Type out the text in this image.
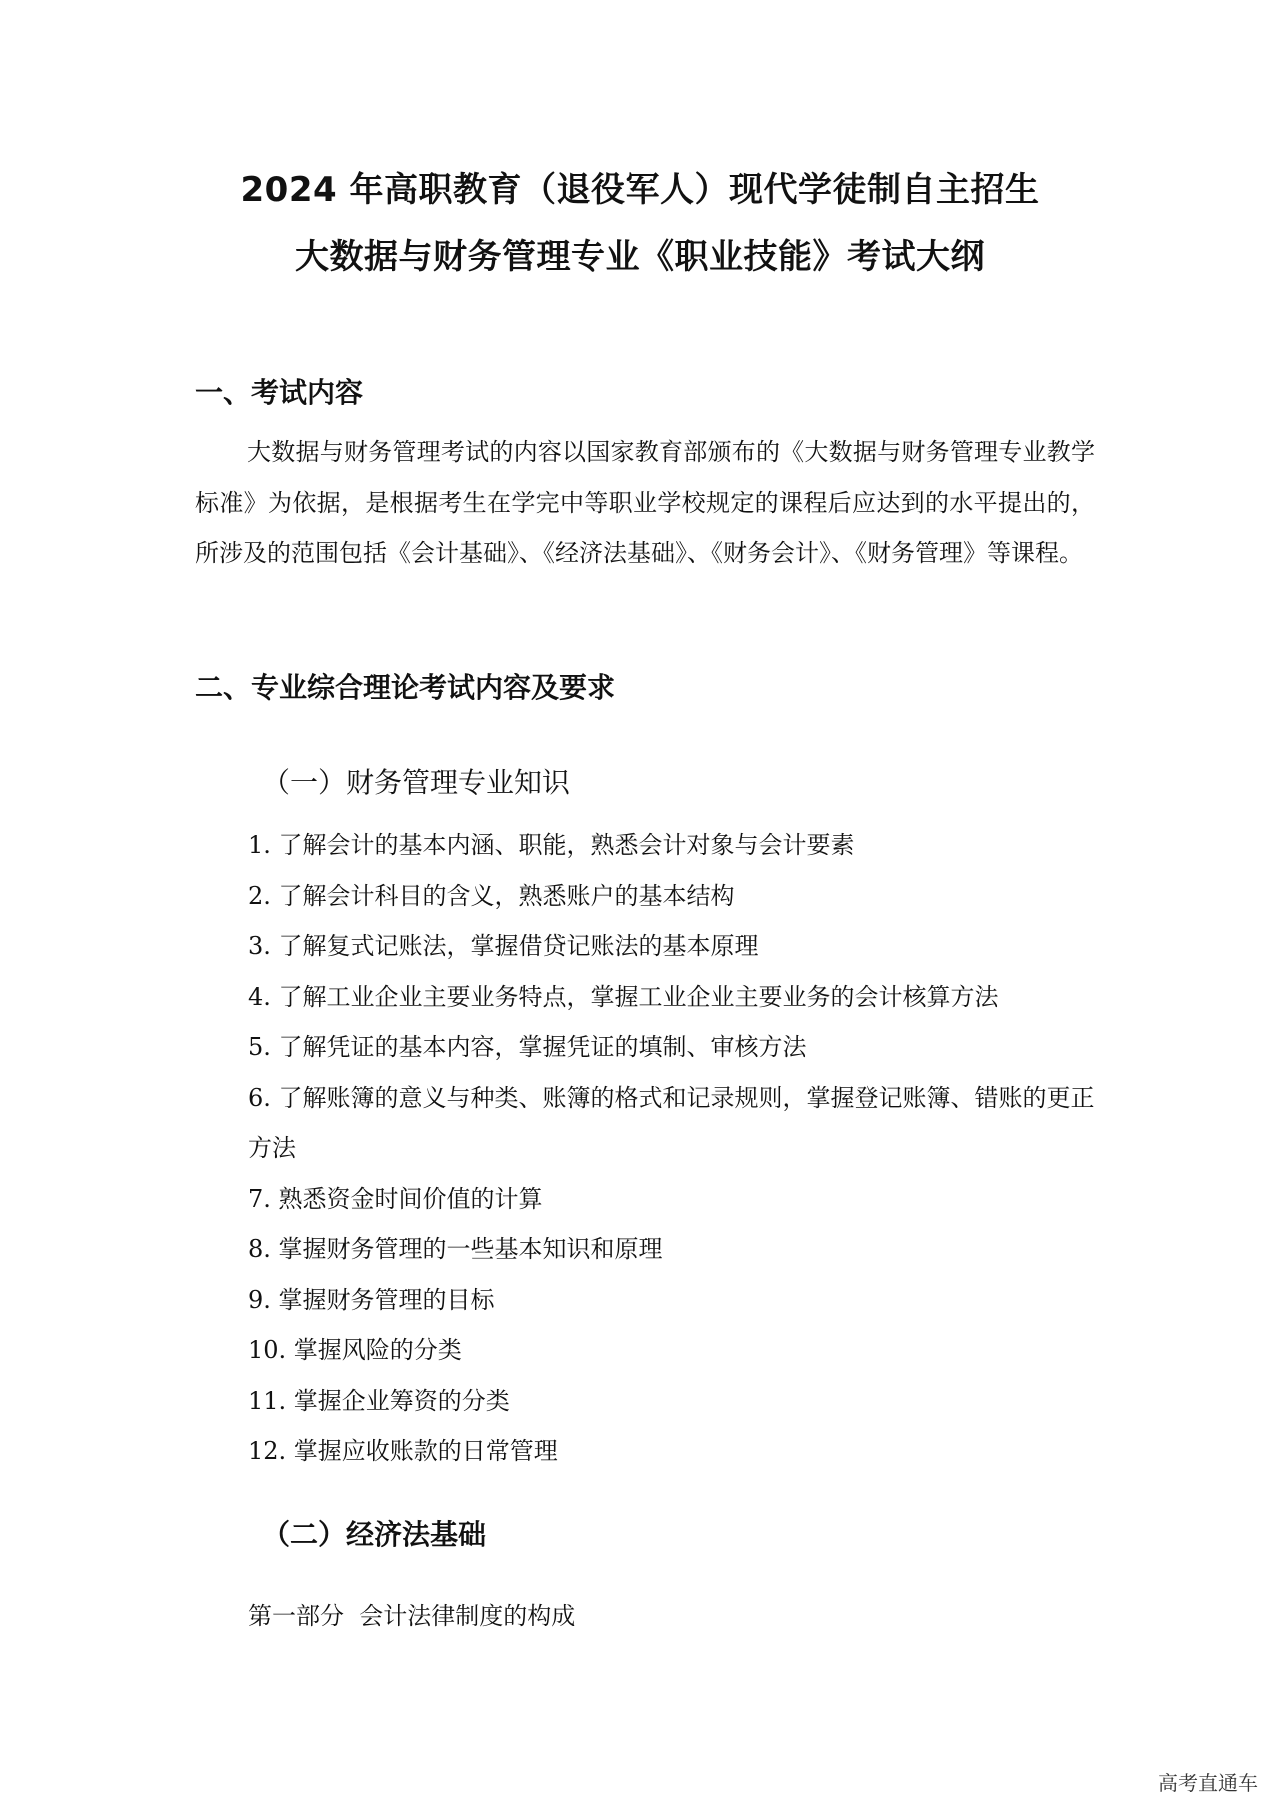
2024 年高职教育（退役军人）现代学徒制自主招生
大数据与财务管理专业《职业技能》考试大纲
一、考试内容

大数据与财务管理考试的内容以国家教育部颁布的《大数据与财务管理专业教学标准》为依据，是根据考生在学完中等职业学校规定的课程后应达到的水平提出的，所涉及的范围包括《会计基础》、《经济法基础》、《财务会计》、《财务管理》等课程。

二、专业综合理论考试内容及要求
（一）财务管理专业知识
1. 了解会计的基本内涵、职能，熟悉会计对象与会计要素
2. 了解会计科目的含义，熟悉账户的基本结构
3. 了解复式记账法，掌握借贷记账法的基本原理
4. 了解工业企业主要业务特点，掌握工业企业主要业务的会计核算方法
5. 了解凭证的基本内容，掌握凭证的填制、审核方法
6. 了解账簿的意义与种类、账簿的格式和记录规则，掌握登记账簿、错账的更正方法
7. 熟悉资金时间价值的计算
8. 掌握财务管理的一些基本知识和原理
9. 掌握财务管理的目标
10. 掌握风险的分类
11. 掌握企业筹资的分类
12. 掌握应收账款的日常管理
（二）经济法基础
第一部分  会计法律制度的构成
高考直通车
